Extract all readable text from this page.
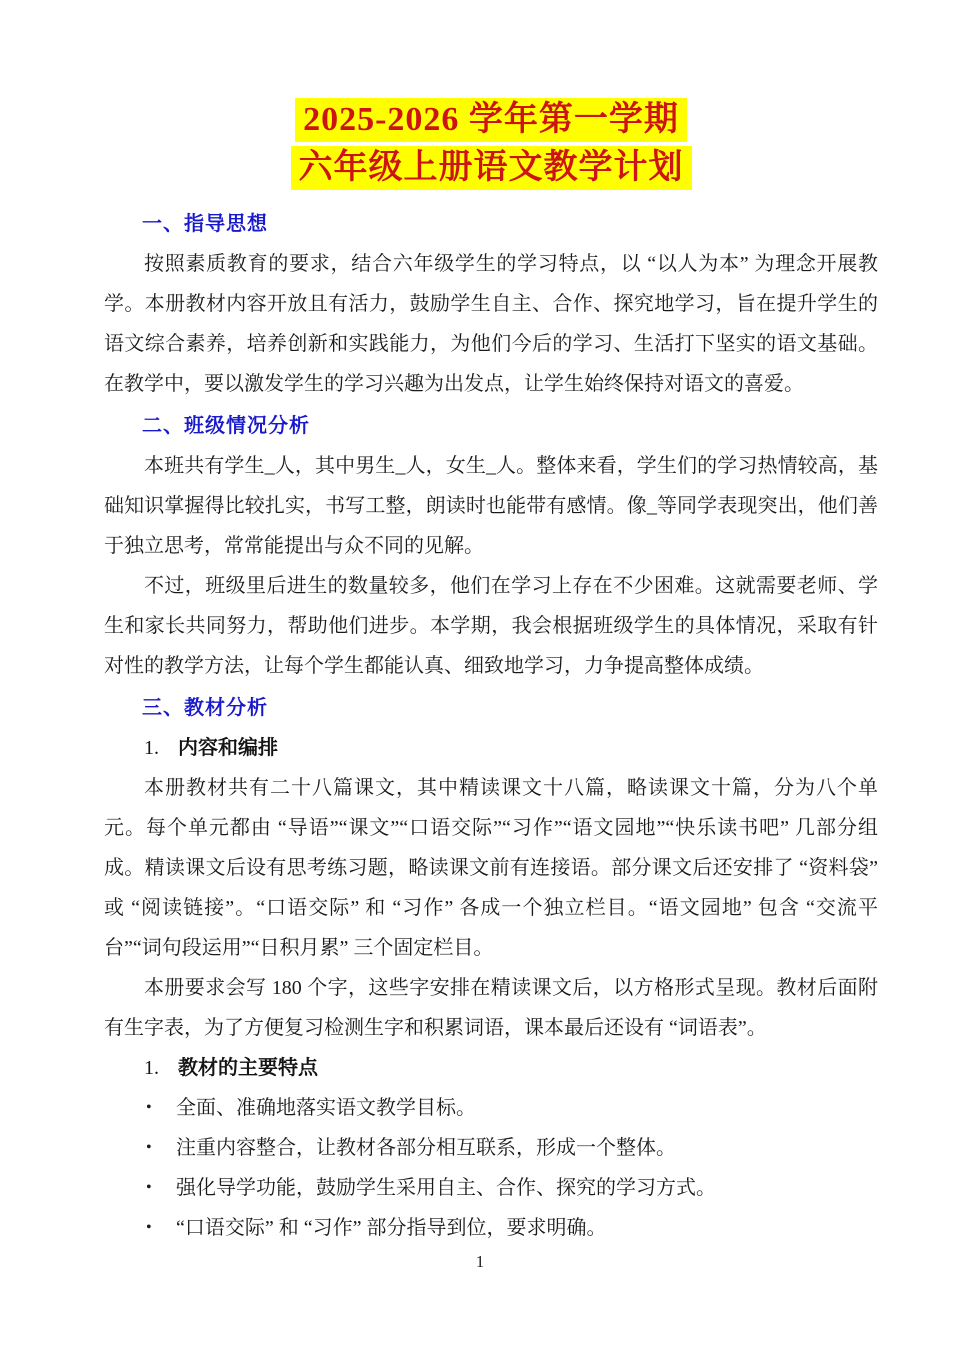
2025-2026 学年第一学期
六年级上册语文教学计划
一、指导思想

按照素质教育的要求，结合六年级学生的学习特点，以 “以人为本” 为理念开展教学。本册教材内容开放且有活力，鼓励学生自主、合作、探究地学习，旨在提升学生的语文综合素养，培养创新和实践能力，为他们今后的学习、生活打下坚实的语文基础。在教学中，要以激发学生的学习兴趣为出发点，让学生始终保持对语文的喜爱。

二、班级情况分析

本班共有学生_人，其中男生_人，女生_人。整体来看，学生们的学习热情较高，基础知识掌握得比较扎实，书写工整，朗读时也能带有感情。像_等同学表现突出，他们善于独立思考，常常能提出与众不同的见解。

不过，班级里后进生的数量较多，他们在学习上存在不少困难。这就需要老师、学生和家长共同努力，帮助他们进步。本学期，我会根据班级学生的具体情况，采取有针对性的教学方法，让每个学生都能认真、细致地学习，力争提高整体成绩。

三、教材分析
1. 内容和编排

本册教材共有二十八篇课文，其中精读课文十八篇，略读课文十篇，分为八个单元。每个单元都由 “导语”“课文”“口语交际”“习作”“语文园地”“快乐读书吧” 几部分组成。精读课文后设有思考练习题，略读课文前有连接语。部分课文后还安排了 “资料袋” 或 “阅读链接”。“口语交际” 和 “习作” 各成一个独立栏目。“语文园地” 包含 “交流平台”“词句段运用”“日积月累” 三个固定栏目。

本册要求会写 180 个字，这些字安排在精读课文后，以方格形式呈现。教材后面附有生字表，为了方便复习检测生字和积累词语，课本最后还设有 “词语表”。

1. 教材的主要特点
•	全面、准确地落实语文教学目标。
•	注重内容整合，让教材各部分相互联系，形成一个整体。
•	强化导学功能，鼓励学生采用自主、合作、探究的学习方式。
•	“口语交际” 和 “习作” 部分指导到位，要求明确。
1
